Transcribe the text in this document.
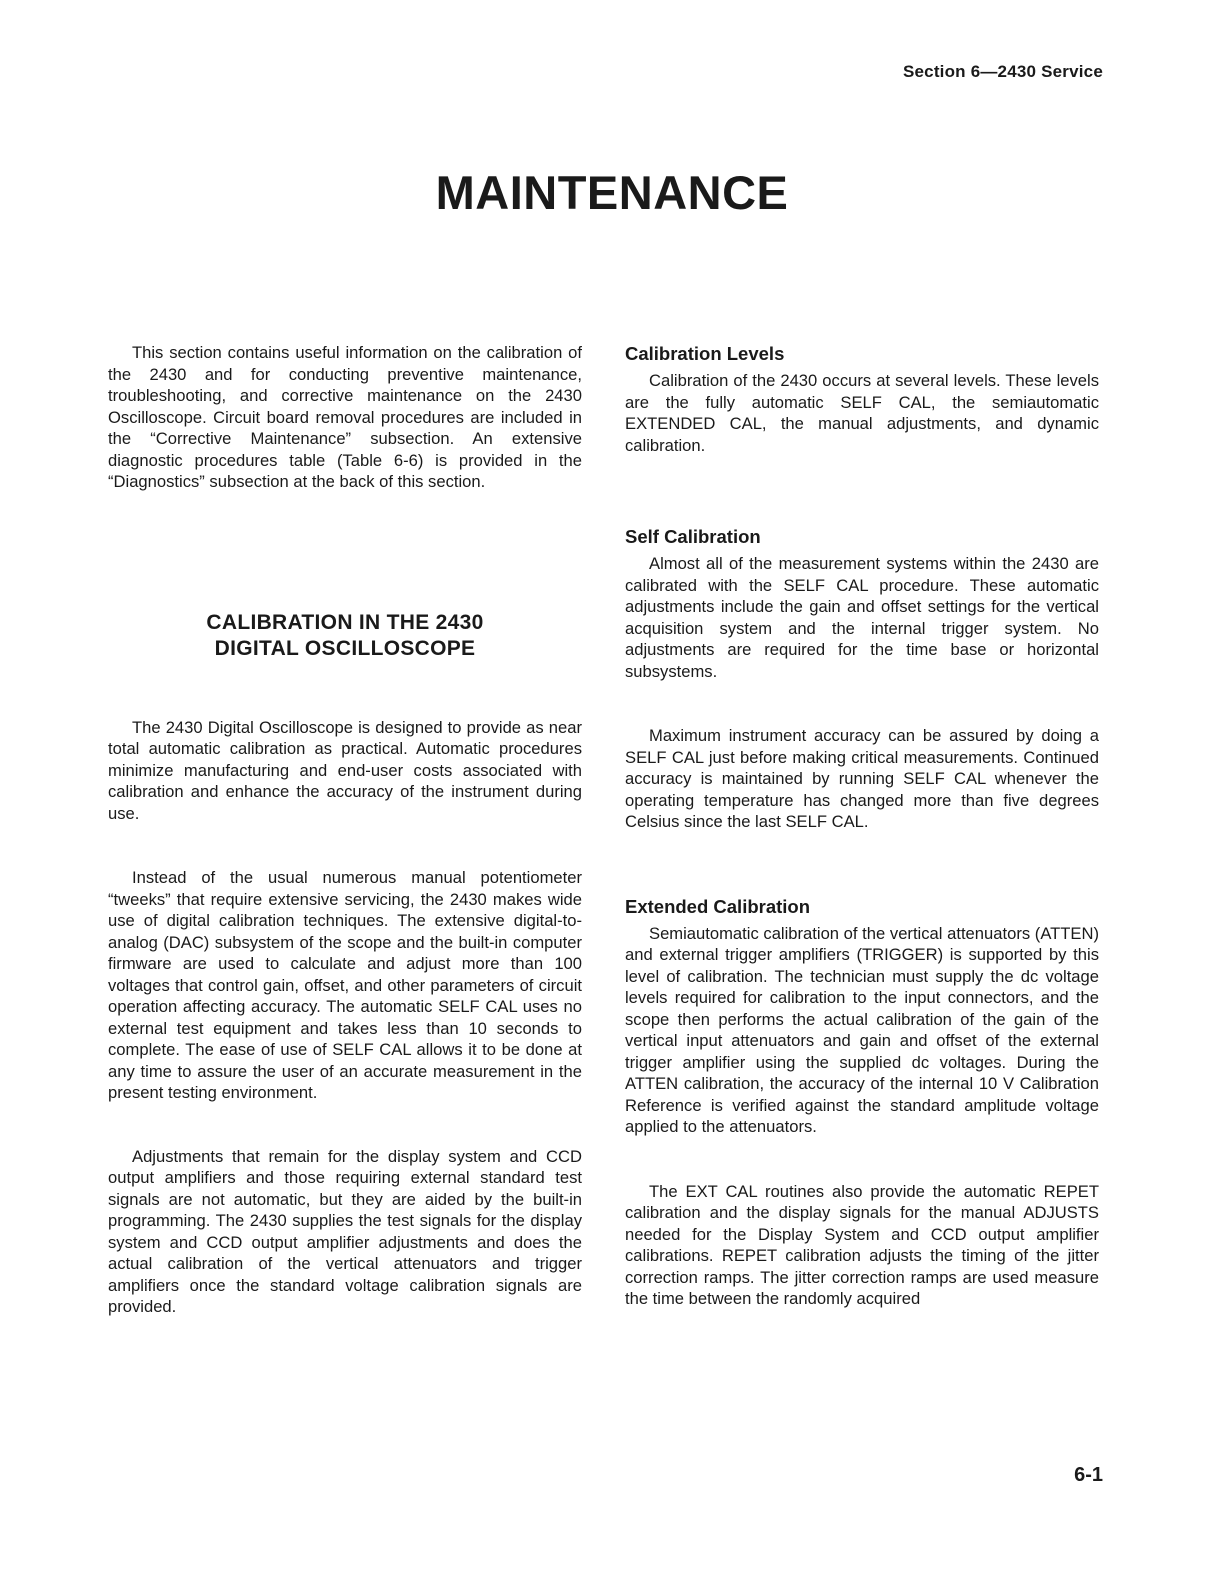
Section 6—2430 Service
MAINTENANCE

This section contains useful information on the calibration of the 2430 and for conducting preventive maintenance, troubleshooting, and corrective maintenance on the 2430 Oscilloscope. Circuit board removal procedures are included in the “Corrective Maintenance” subsection. An extensive diagnostic procedures table (Table 6-6) is provided in the “Diagnostics” subsection at the back of this section.

CALIBRATION IN THE 2430
DIGITAL OSCILLOSCOPE

The 2430 Digital Oscilloscope is designed to provide as near total automatic calibration as practical. Automatic procedures minimize manufacturing and end-user costs associated with calibration and enhance the accuracy of the instrument during use.

Instead of the usual numerous manual potentiometer “tweeks” that require extensive servicing, the 2430 makes wide use of digital calibration techniques. The extensive digital-to-analog (DAC) subsystem of the scope and the built-in computer firmware are used to calculate and adjust more than 100 voltages that control gain, offset, and other parameters of circuit operation affecting accuracy. The automatic SELF CAL uses no external test equipment and takes less than 10 seconds to complete. The ease of use of SELF CAL allows it to be done at any time to assure the user of an accurate measurement in the present testing environment.

Adjustments that remain for the display system and CCD output amplifiers and those requiring external standard test signals are not automatic, but they are aided by the built-in programming. The 2430 supplies the test signals for the display system and CCD output amplifier adjustments and does the actual calibration of the vertical attenuators and trigger amplifiers once the standard voltage calibration signals are provided.

Calibration Levels

Calibration of the 2430 occurs at several levels. These levels are the fully automatic SELF CAL, the semiautomatic EXTENDED CAL, the manual adjustments, and dynamic calibration.

Self Calibration

Almost all of the measurement systems within the 2430 are calibrated with the SELF CAL procedure. These automatic adjustments include the gain and offset settings for the vertical acquisition system and the internal trigger system. No adjustments are required for the time base or horizontal subsystems.

Maximum instrument accuracy can be assured by doing a SELF CAL just before making critical measurements. Continued accuracy is maintained by running SELF CAL whenever the operating temperature has changed more than five degrees Celsius since the last SELF CAL.

Extended Calibration

Semiautomatic calibration of the vertical attenuators (ATTEN) and external trigger amplifiers (TRIGGER) is supported by this level of calibration. The technician must supply the dc voltage levels required for calibration to the input connectors, and the scope then performs the actual calibration of the gain of the vertical input attenuators and gain and offset of the external trigger amplifier using the supplied dc voltages. During the ATTEN calibration, the accuracy of the internal 10 V Calibration Reference is verified against the standard amplitude voltage applied to the attenuators.

The EXT CAL routines also provide the automatic REPET calibration and the display signals for the manual ADJUSTS needed for the Display System and CCD output amplifier calibrations. REPET calibration adjusts the timing of the jitter correction ramps. The jitter correction ramps are used measure the time between the randomly acquired

6-1
